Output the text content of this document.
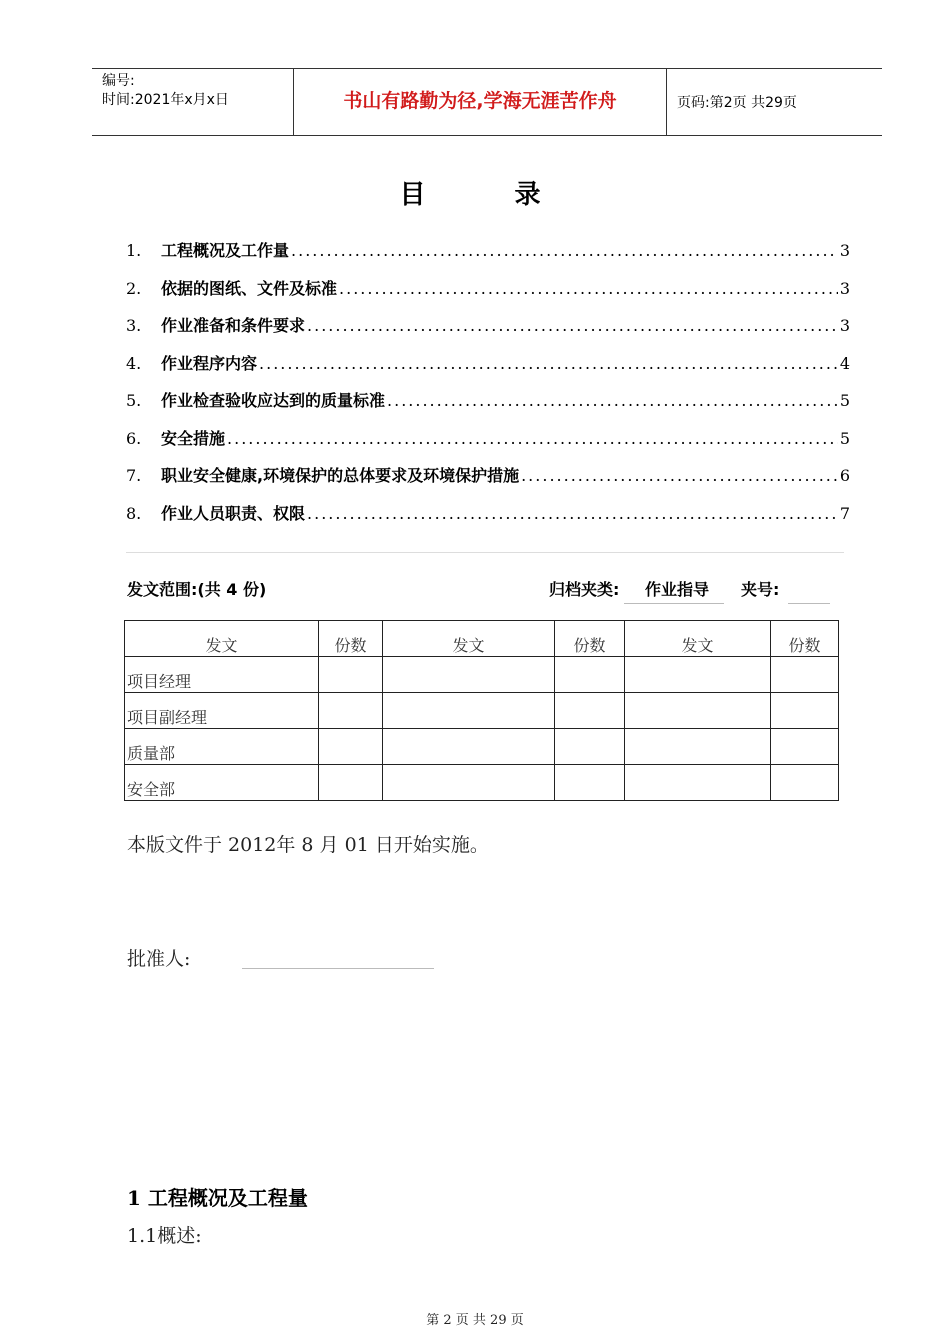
编号:
时间:2021年x月x日	书山有路勤为径,学海无涯苦作舟	页码:第2页 共29页
目 录
1.	工程概况及工作量 .....	3
2.	依据的图纸、文件及标准 .....	3
3.	作业准备和条件要求 .....	3
4.	作业程序内容 .....	4
5.	作业检查验收应达到的质量标准 .....	5
6.	安全措施 .....	5
7.	职业安全健康,环境保护的总体要求及环境保护措施 .....	6
8.	作业人员职责、权限 .....	7
发文范围:(共 4 份)	归档夹类: 作业指导 夹号:
发文	份数	发文	份数	发文	份数
项目经理					
项目副经理					
质量部					
安全部					
本版文件于 2012年 8 月 01 日开始实施。
批准人:
1 工程概况及工程量
1.1概述:
第 2 页 共 29 页
